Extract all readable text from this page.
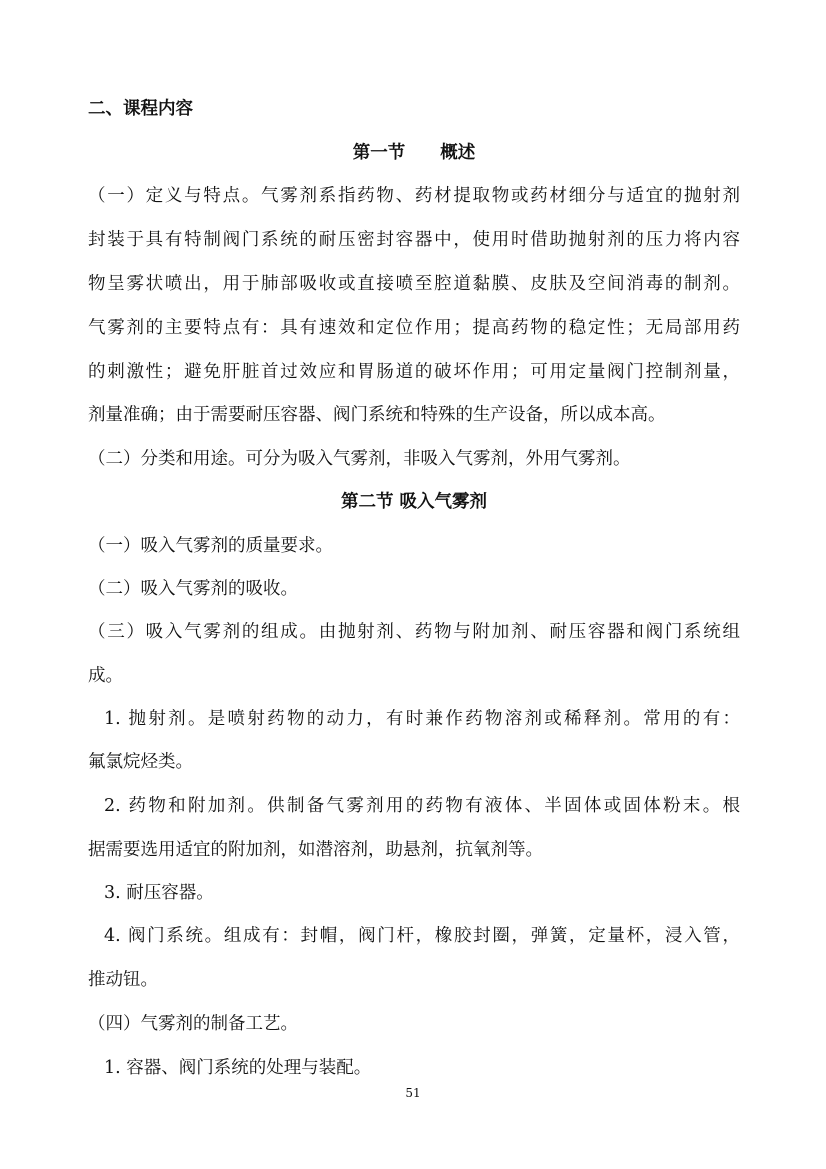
二、课程内容
第一节　　概述
（一）定义与特点。气雾剂系指药物、药材提取物或药材细分与适宜的抛射剂
封装于具有特制阀门系统的耐压密封容器中，使用时借助抛射剂的压力将内容
物呈雾状喷出，用于肺部吸收或直接喷至腔道黏膜、皮肤及空间消毒的制剂。
气雾剂的主要特点有：具有速效和定位作用；提高药物的稳定性；无局部用药
的刺激性；避免肝脏首过效应和胃肠道的破坏作用；可用定量阀门控制剂量，
剂量准确；由于需要耐压容器、阀门系统和特殊的生产设备，所以成本高。
（二）分类和用途。可分为吸入气雾剂，非吸入气雾剂，外用气雾剂。
第二节 吸入气雾剂
（一）吸入气雾剂的质量要求。
（二）吸入气雾剂的吸收。
（三）吸入气雾剂的组成。由抛射剂、药物与附加剂、耐压容器和阀门系统组
成。
1. 抛射剂。是喷射药物的动力，有时兼作药物溶剂或稀释剂。常用的有：
氟氯烷烃类。
2. 药物和附加剂。供制备气雾剂用的药物有液体、半固体或固体粉末。根
据需要选用适宜的附加剂，如潜溶剂，助悬剂，抗氧剂等。
3. 耐压容器。
4. 阀门系统。组成有：封帽，阀门杆，橡胶封圈，弹簧，定量杯，浸入管，
推动钮。
（四）气雾剂的制备工艺。
1. 容器、阀门系统的处理与装配。
51
